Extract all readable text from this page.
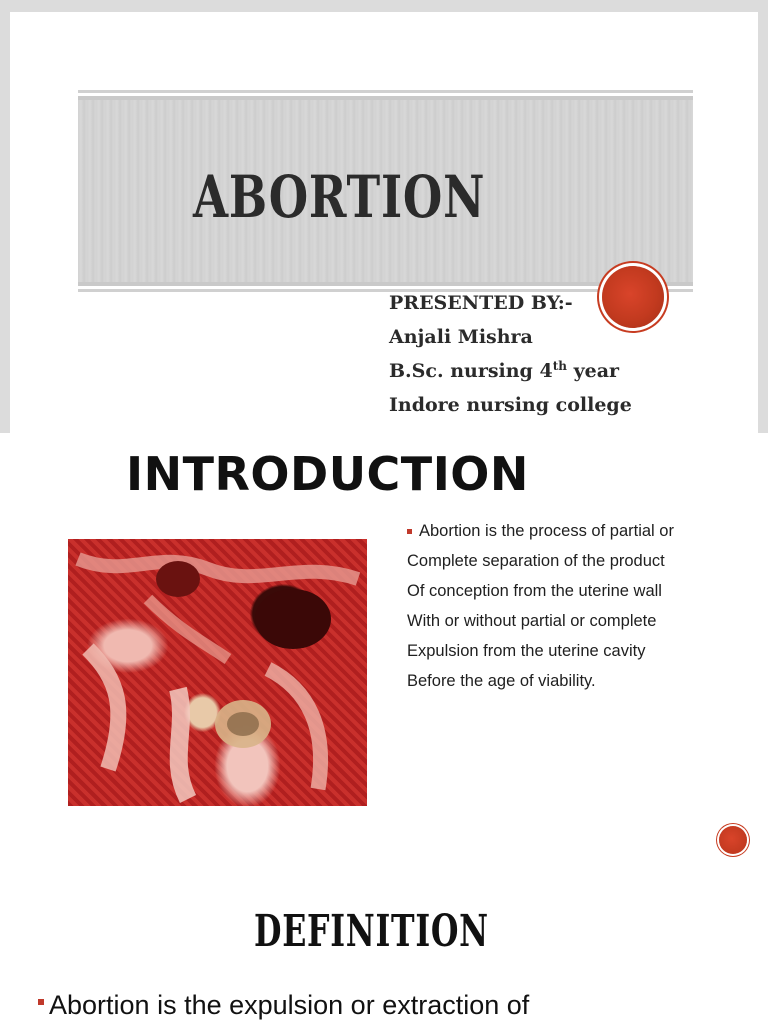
ABORTION
PRESENTED BY:-
Anjali Mishra
B.Sc. nursing 4th year
Indore nursing college
INTRODUCTION
Abortion is the process of partial or
Complete separation of the product
Of conception from the uterine wall
With or without partial or complete
Expulsion from the uterine cavity
Before the age of viability.
DEFINITION
Abortion is the expulsion or extraction of
